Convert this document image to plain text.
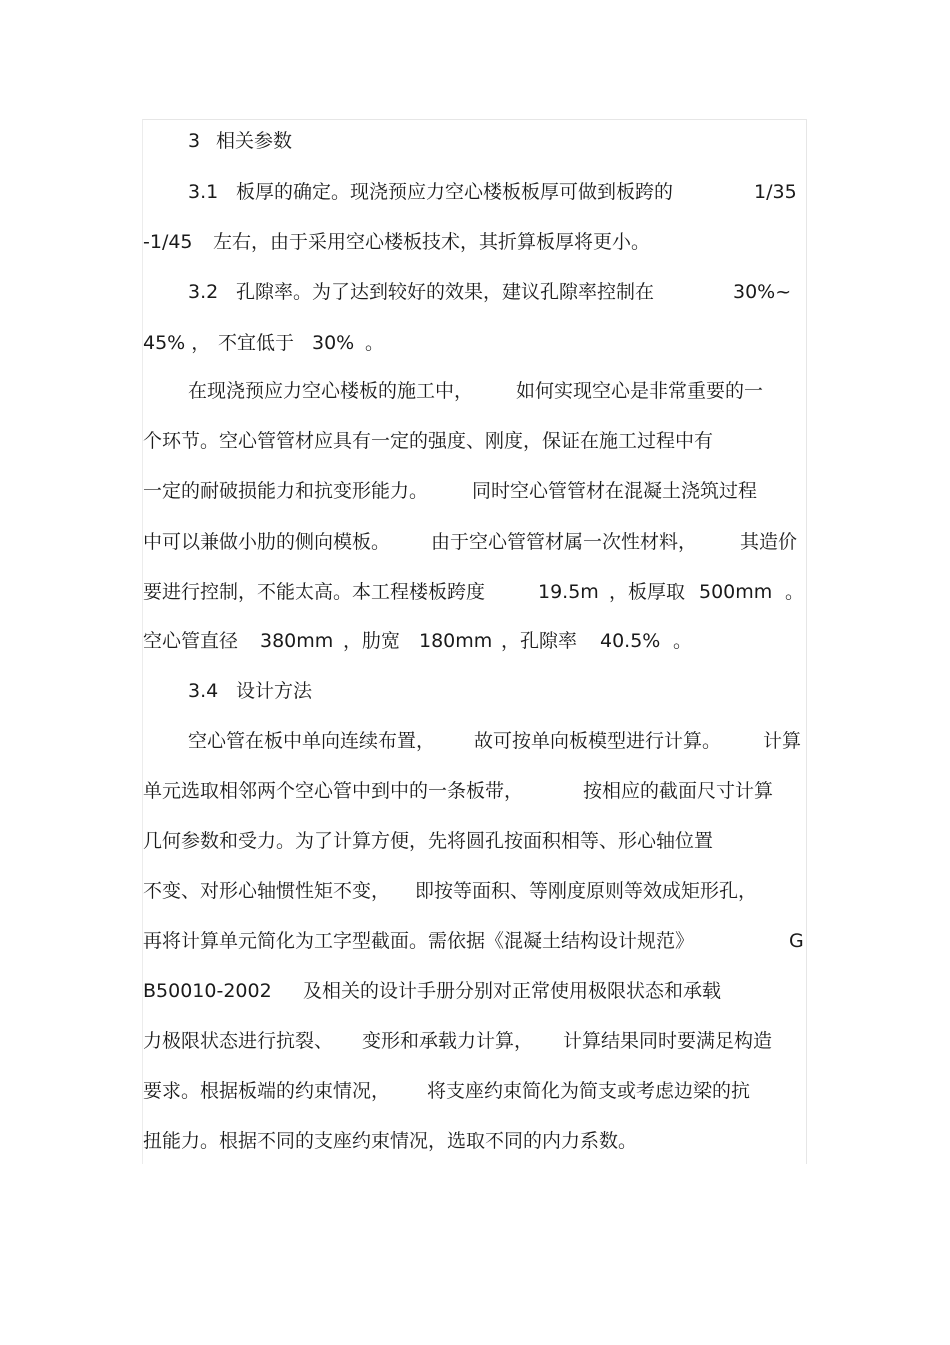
3 相关参数
3.1 板厚的确定。现浇预应力空心楼板板厚可做到板跨的	1/35
-1/45 左右，由于采用空心楼板技术，其折算板厚将更小。
3.2 孔隙率。为了达到较好的效果，建议孔隙率控制在	30%~
45% ， 不宜低于 30% 。
在现浇预应力空心楼板的施工中， 如何实现空心是非常重要的一
个环节。空心管管材应具有一定的强度、刚度，保证在施工过程中有
一定的耐破损能力和抗变形能力。 同时空心管管材在混凝土浇筑过程
中可以兼做小肋的侧向模板。 由于空心管管材属一次性材料， 其造价
要进行控制，不能太高。本工程楼板跨度	19.5m ，板厚取 500mm 。
空心管直径 380mm ，肋宽 180mm ，孔隙率 40.5% 。
3.4 设计方法
空心管在板中单向连续布置， 故可按单向板模型进行计算。 计算
单元选取相邻两个空心管中到中的一条板带，	按相应的截面尺寸计算
几何参数和受力。为了计算方便，先将圆孔按面积相等、形心轴位置
不变、对形心轴惯性矩不变， 即按等面积、等刚度原则等效成矩形孔，
再将计算单元简化为工字型截面。需依据《混凝土结构设计规范》	G
B50010-2002 及相关的设计手册分别对正常使用极限状态和承载
力极限状态进行抗裂、 变形和承载力计算， 计算结果同时要满足构造
要求。根据板端的约束情况， 将支座约束简化为简支或考虑边梁的抗
扭能力。根据不同的支座约束情况，选取不同的内力系数。
